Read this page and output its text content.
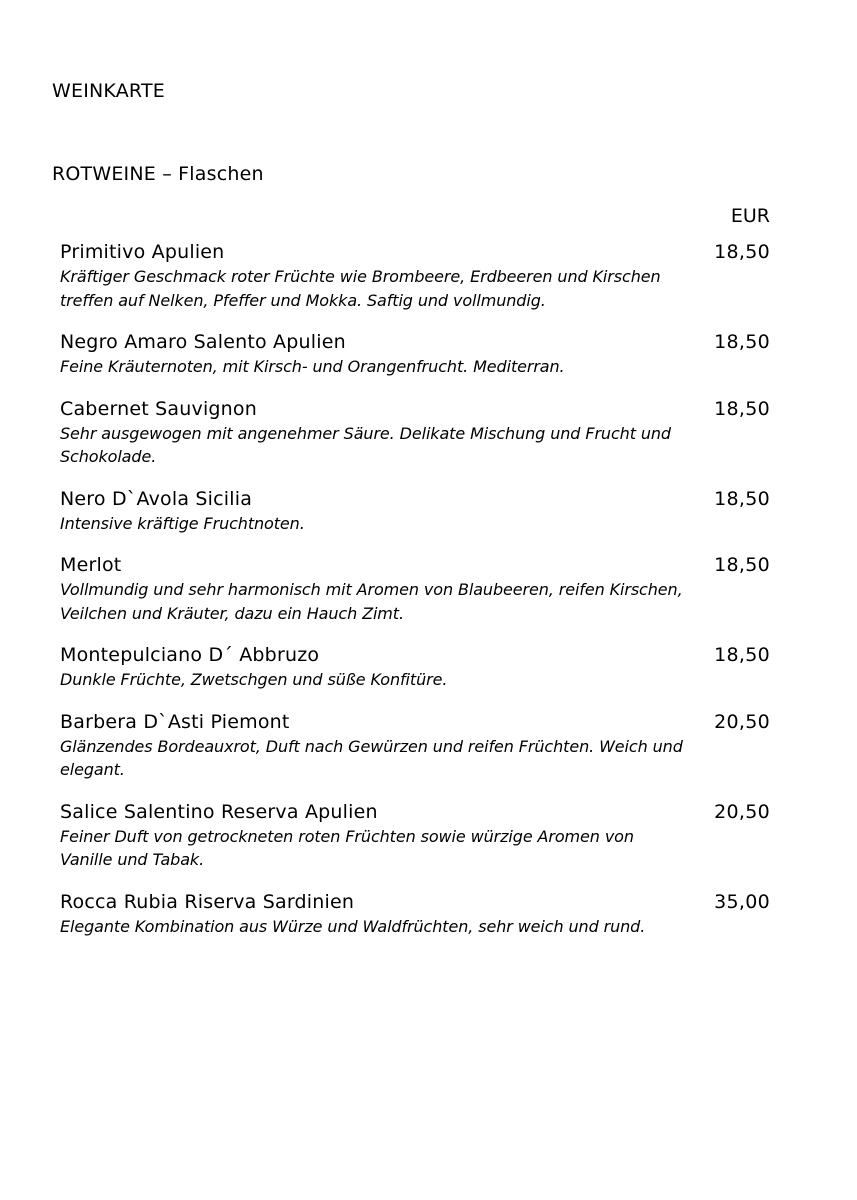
WEINKARTE
ROTWEINE – Flaschen
EUR
Primitivo Apulien	18,50
Kräftiger Geschmack roter Früchte wie Brombeere, Erdbeeren und Kirschen treffen auf Nelken, Pfeffer und Mokka. Saftig und vollmundig.
Negro Amaro Salento Apulien	18,50
Feine Kräuternoten, mit Kirsch- und Orangenfrucht. Mediterran.
Cabernet Sauvignon	18,50
Sehr ausgewogen mit angenehmer Säure. Delikate Mischung und Frucht und Schokolade.
Nero D`Avola Sicilia	18,50
Intensive kräftige Fruchtnoten.
Merlot	18,50
Vollmundig und sehr harmonisch mit Aromen von Blaubeeren, reifen Kirschen, Veilchen und Kräuter, dazu ein Hauch Zimt.
Montepulciano D´ Abbruzo	18,50
Dunkle Früchte, Zwetschgen und süße Konfitüre.
Barbera D`Asti Piemont	20,50
Glänzendes Bordeauxrot, Duft nach Gewürzen und reifen Früchten. Weich und elegant.
Salice Salentino Reserva Apulien	20,50
Feiner Duft von getrockneten roten Früchten sowie würzige Aromen von Vanille und Tabak.
Rocca Rubia Riserva Sardinien	35,00
Elegante Kombination aus Würze und Waldfrüchten, sehr weich und rund.
